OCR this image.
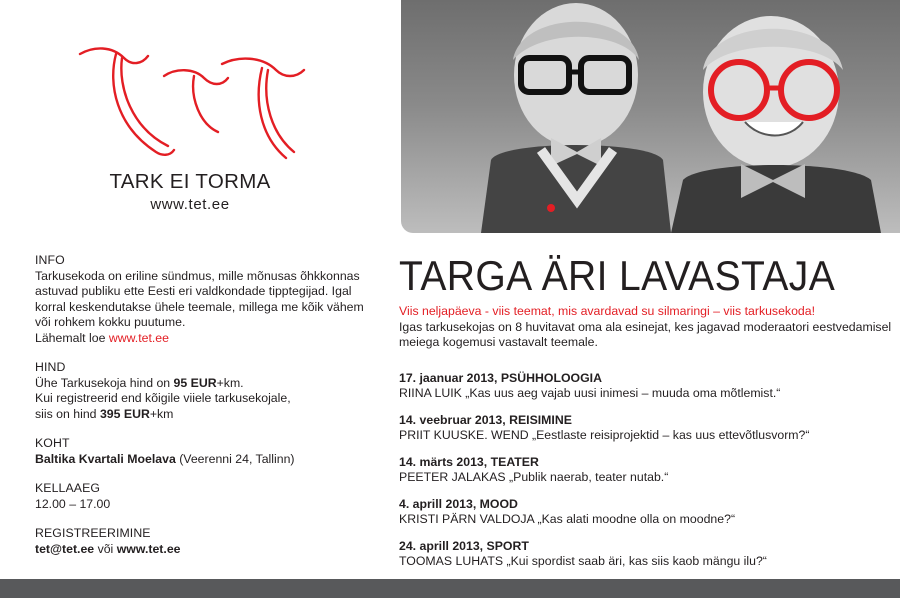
TARK EI TORMA
www.tet.ee
INFO
Tarkusekoda on eriline sündmus, mille mõnusas õhkkonnas astuvad publiku ette Eesti eri valdkondade tipptegijad. Igal korral keskendutakse ühele teemale, millega me kõik vähem või rohkem kokku puutume.
Lähemalt loe www.tet.ee
HIND
Ühe Tarkusekoja hind on 95 EUR+km.
Kui registreerid end kõigile viiele tarkusekojale,
siis on hind 395 EUR+km
KOHT
Baltika Kvartali Moelava (Veerenni 24, Tallinn)
KELLAAEG
12.00 – 17.00
REGISTREERIMINE
tet@tet.ee või www.tet.ee
TARGA ÄRI LAVASTAJA
Viis neljapäeva - viis teemat, mis avardavad su silmaringi – viis tarkusekoda!
Igas tarkusekojas on 8 huvitavat oma ala esinejat, kes jagavad moderaatori eestvedamisel meiega kogemusi vastavalt teemale.
17. jaanuar 2013, PSÜHHOLOOGIA
RIINA LUIK „Kas uus aeg vajab uusi inimesi – muuda oma mõtlemist.“
14. veebruar 2013, REISIMINE
PRIIT KUUSKE. WEND „Eestlaste reisiprojektid – kas uus ettevõtlusvorm?“
14. märts 2013, TEATER
PEETER JALAKAS „Publik naerab, teater nutab.“
4. aprill 2013, MOOD
KRISTI PÄRN VALDOJA „Kas alati moodne olla on moodne?“
24. aprill 2013, SPORT
TOOMAS LUHATS „Kui spordist saab äri, kas siis kaob mängu ilu?“
